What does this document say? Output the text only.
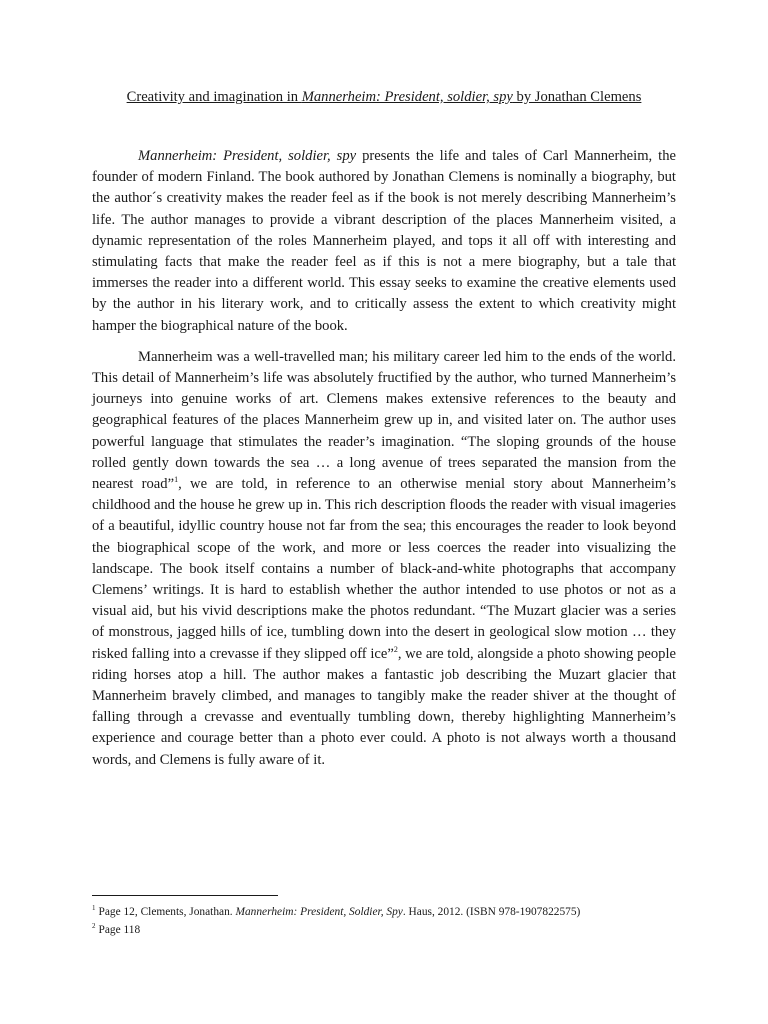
Creativity and imagination in Mannerheim: President, soldier, spy by Jonathan Clemens

Mannerheim: President, soldier, spy presents the life and tales of Carl Mannerheim, the founder of modern Finland. The book authored by Jonathan Clemens is nominally a biography, but the author´s creativity makes the reader feel as if the book is not merely describing Mannerheim’s life. The author manages to provide a vibrant description of the places Mannerheim visited, a dynamic representation of the roles Mannerheim played, and tops it all off with interesting and stimulating facts that make the reader feel as if this is not a mere biography, but a tale that immerses the reader into a different world. This essay seeks to examine the creative elements used by the author in his literary work, and to critically assess the extent to which creativity might hamper the biographical nature of the book.

Mannerheim was a well-travelled man; his military career led him to the ends of the world. This detail of Mannerheim’s life was absolutely fructified by the author, who turned Mannerheim’s journeys into genuine works of art. Clemens makes extensive references to the beauty and geographical features of the places Mannerheim grew up in, and visited later on. The author uses powerful language that stimulates the reader’s imagination. “The sloping grounds of the house rolled gently down towards the sea … a long avenue of trees separated the mansion from the nearest road”$^1$, we are told, in reference to an otherwise menial story about Mannerheim’s childhood and the house he grew up in. This rich description floods the reader with visual imageries of a beautiful, idyllic country house not far from the sea; this encourages the reader to look beyond the biographical scope of the work, and more or less coerces the reader into visualizing the landscape. The book itself contains a number of black-and-white photographs that accompany Clemens’ writings. It is hard to establish whether the author intended to use photos or not as a visual aid, but his vivid descriptions make the photos redundant. “The Muzart glacier was a series of monstrous, jagged hills of ice, tumbling down into the desert in geological slow motion … they risked falling into a crevasse if they slipped off ice”$^2$, we are told, alongside a photo showing people riding horses atop a hill. The author makes a fantastic job describing the Muzart glacier that Mannerheim bravely climbed, and manages to tangibly make the reader shiver at the thought of falling through a crevasse and eventually tumbling down, thereby highlighting Mannerheim’s experience and courage better than a photo ever could. A photo is not always worth a thousand words, and Clemens is fully aware of it.

$^1$ Page 12, Clements, Jonathan. Mannerheim: President, Soldier, Spy. Haus, 2012. (ISBN 978-1907822575)
$^2$ Page 118
